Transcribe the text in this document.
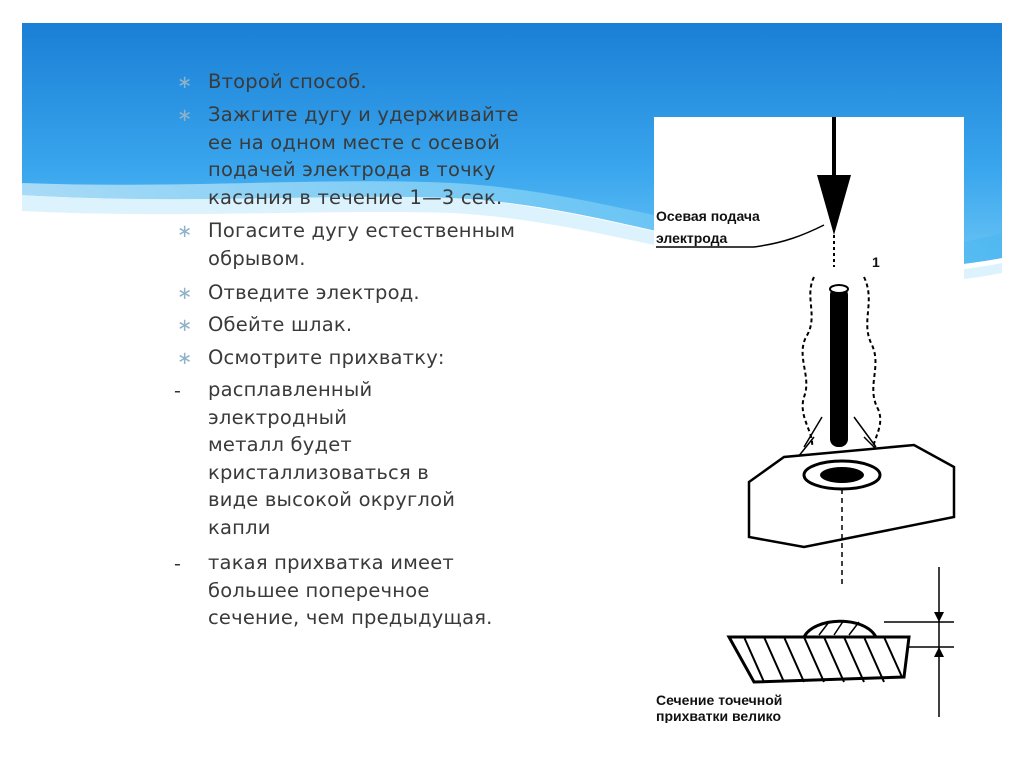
∗ Второй способ.
∗ Зажгите дугу и удерживайте
ее на одном месте с осевой
подачей электрода в точку
касания в течение 1—3 сек.
∗ Погасите дугу естественным
обрывом.
∗ Отведите электрод.
∗ Обейте шлак.
∗ Осмотрите прихватку:
-	расплавленный
электродный
металл будет
кристаллизоваться в
виде высокой округлой
капли
-	такая прихватка имеет
большее поперечное
сечение, чем предыдущая.
Осевая подача
электрода
1
Сечение точечной
прихватки велико
